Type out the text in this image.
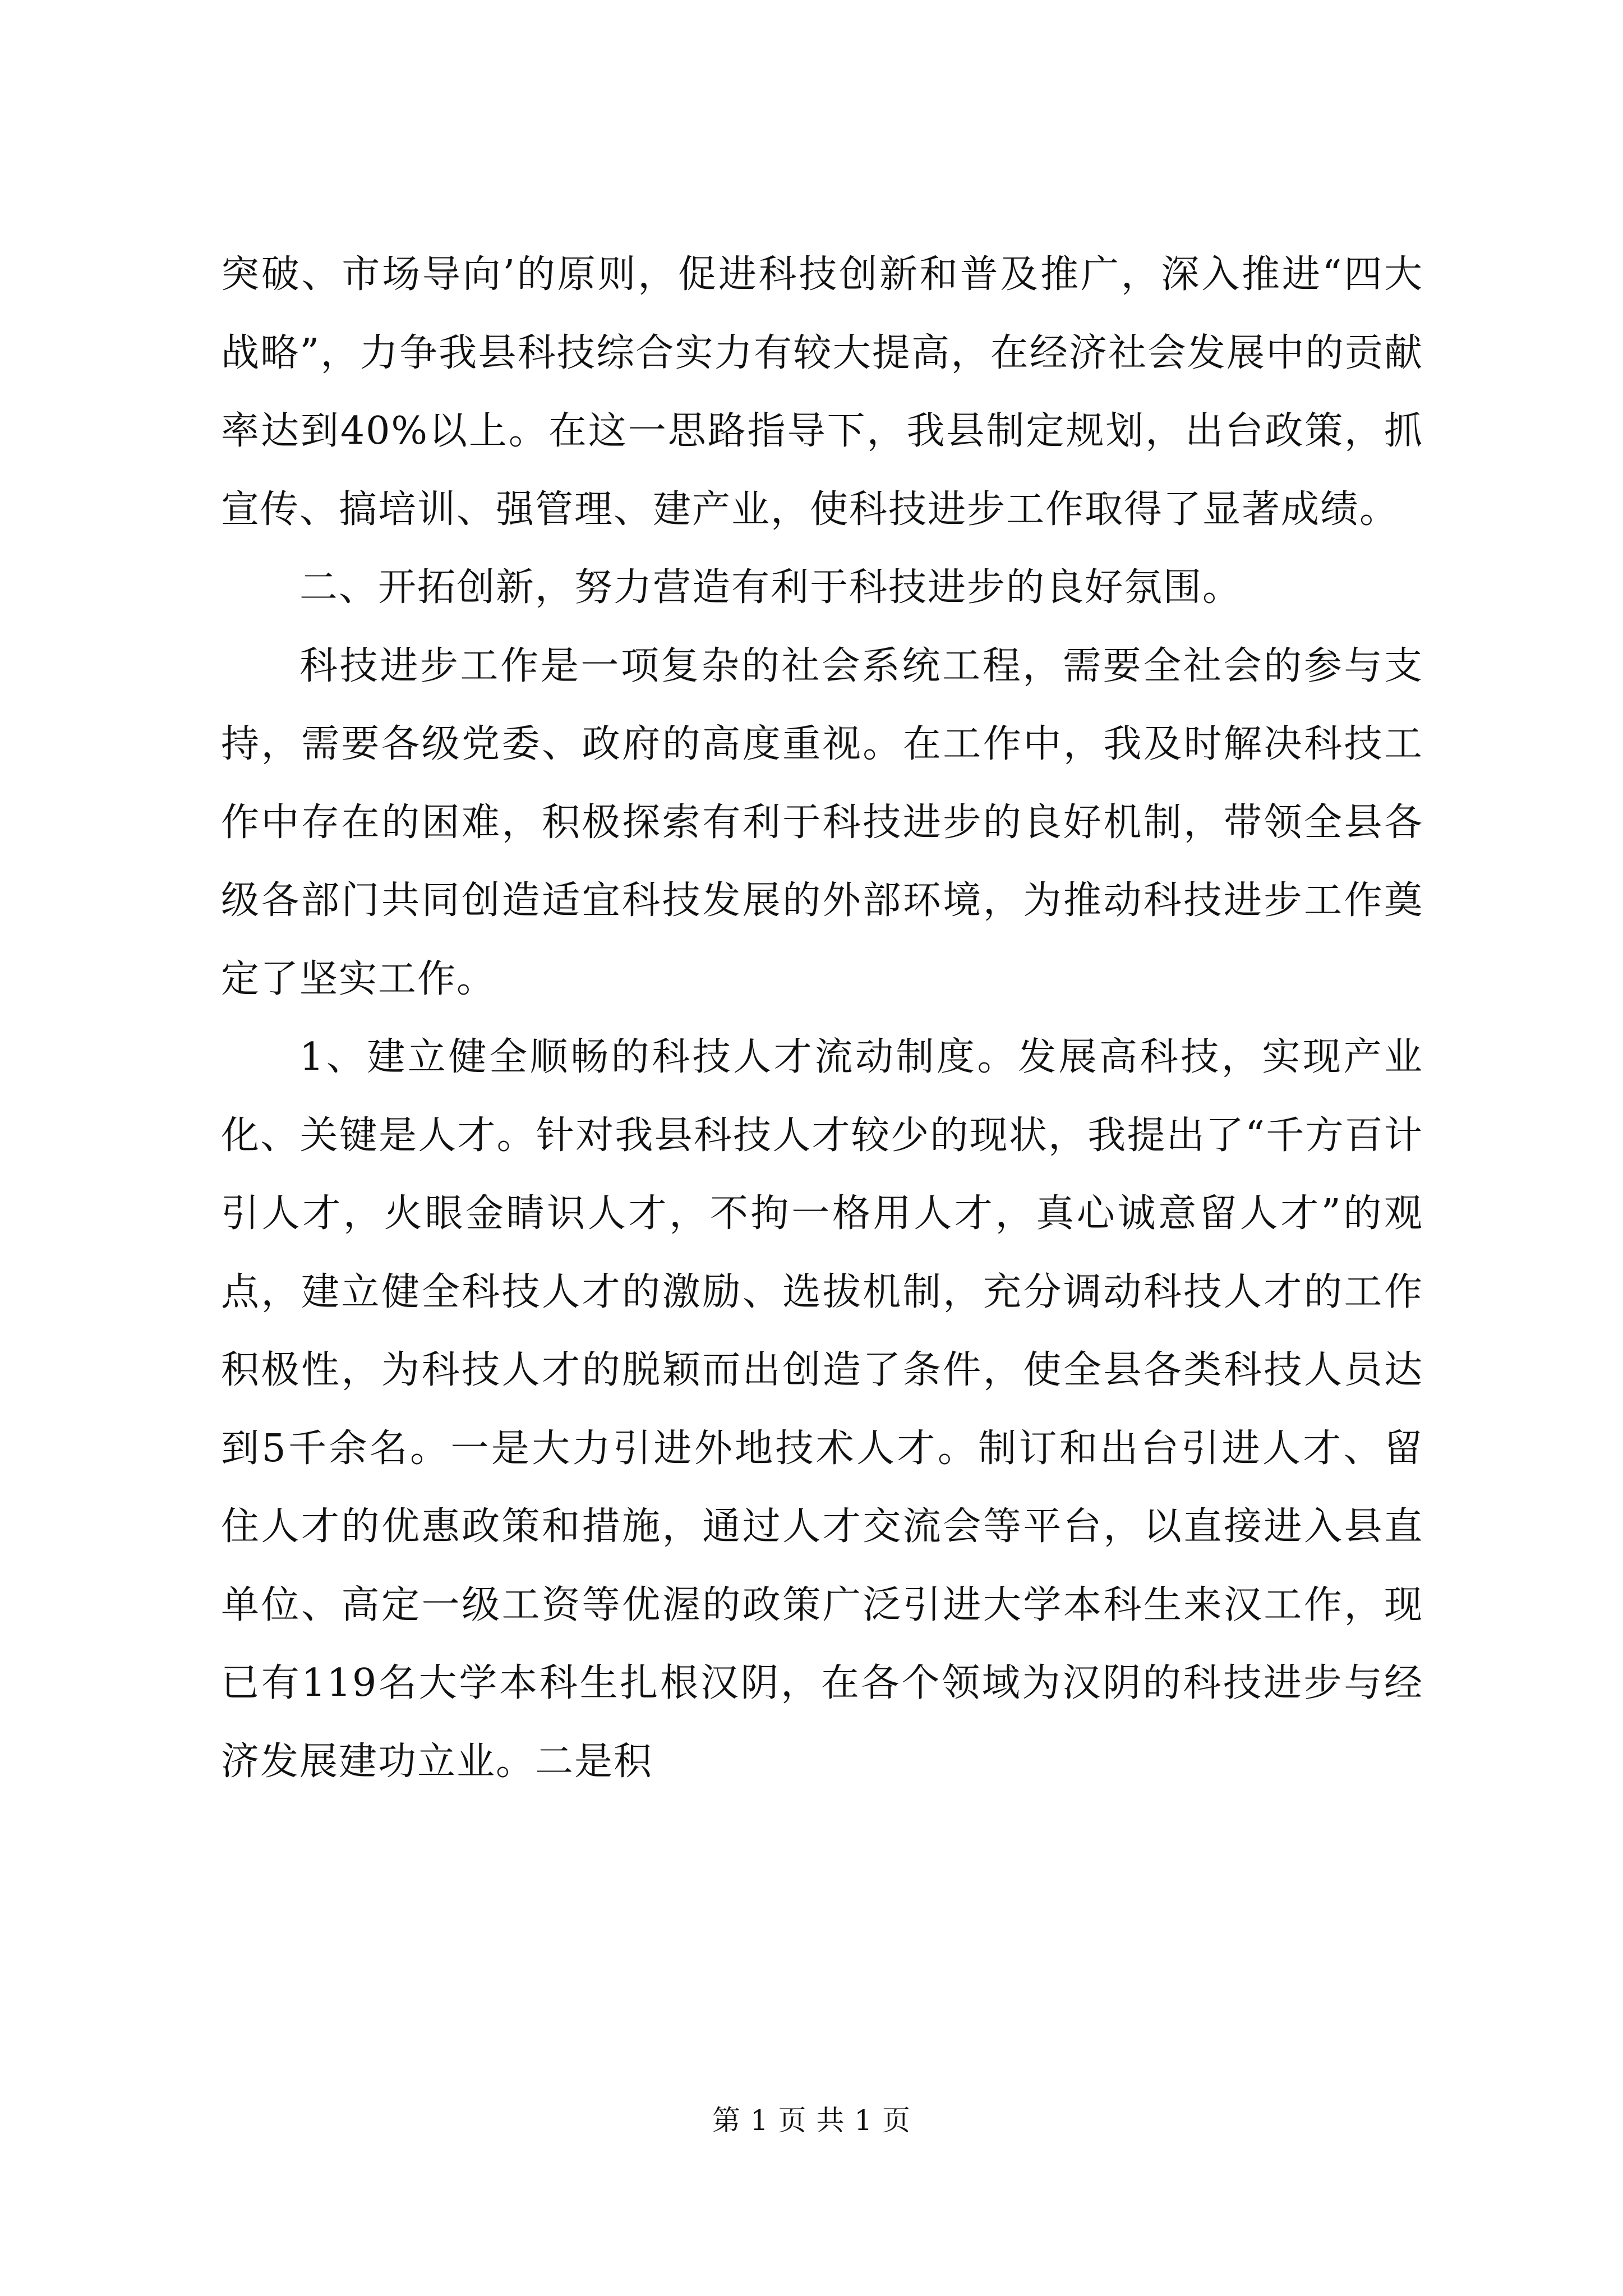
突破、市场导向’的原则，促进科技创新和普及推广，深入推进“四大战略”，力争我县科技综合实力有较大提高，在经济社会发展中的贡献率达到40%以上。在这一思路指导下，我县制定规划，出台政策，抓宣传、搞培训、强管理、建产业，使科技进步工作取得了显著成绩。

二、开拓创新，努力营造有利于科技进步的良好氛围。

科技进步工作是一项复杂的社会系统工程，需要全社会的参与支持，需要各级党委、政府的高度重视。在工作中，我及时解决科技工作中存在的困难，积极探索有利于科技进步的良好机制，带领全县各级各部门共同创造适宜科技发展的外部环境，为推动科技进步工作奠定了坚实工作。

1、建立健全顺畅的科技人才流动制度。发展高科技，实现产业化、关键是人才。针对我县科技人才较少的现状，我提出了“千方百计引人才，火眼金睛识人才，不拘一格用人才，真心诚意留人才”的观点，建立健全科技人才的激励、选拔机制，充分调动科技人才的工作积极性，为科技人才的脱颖而出创造了条件，使全县各类科技人员达到5千余名。一是大力引进外地技术人才。制订和出台引进人才、留住人才的优惠政策和措施，通过人才交流会等平台，以直接进入县直单位、高定一级工资等优渥的政策广泛引进大学本科生来汉工作，现已有119名大学本科生扎根汉阴，在各个领域为汉阴的科技进步与经济发展建功立业。二是积

第 1 页 共 1 页
